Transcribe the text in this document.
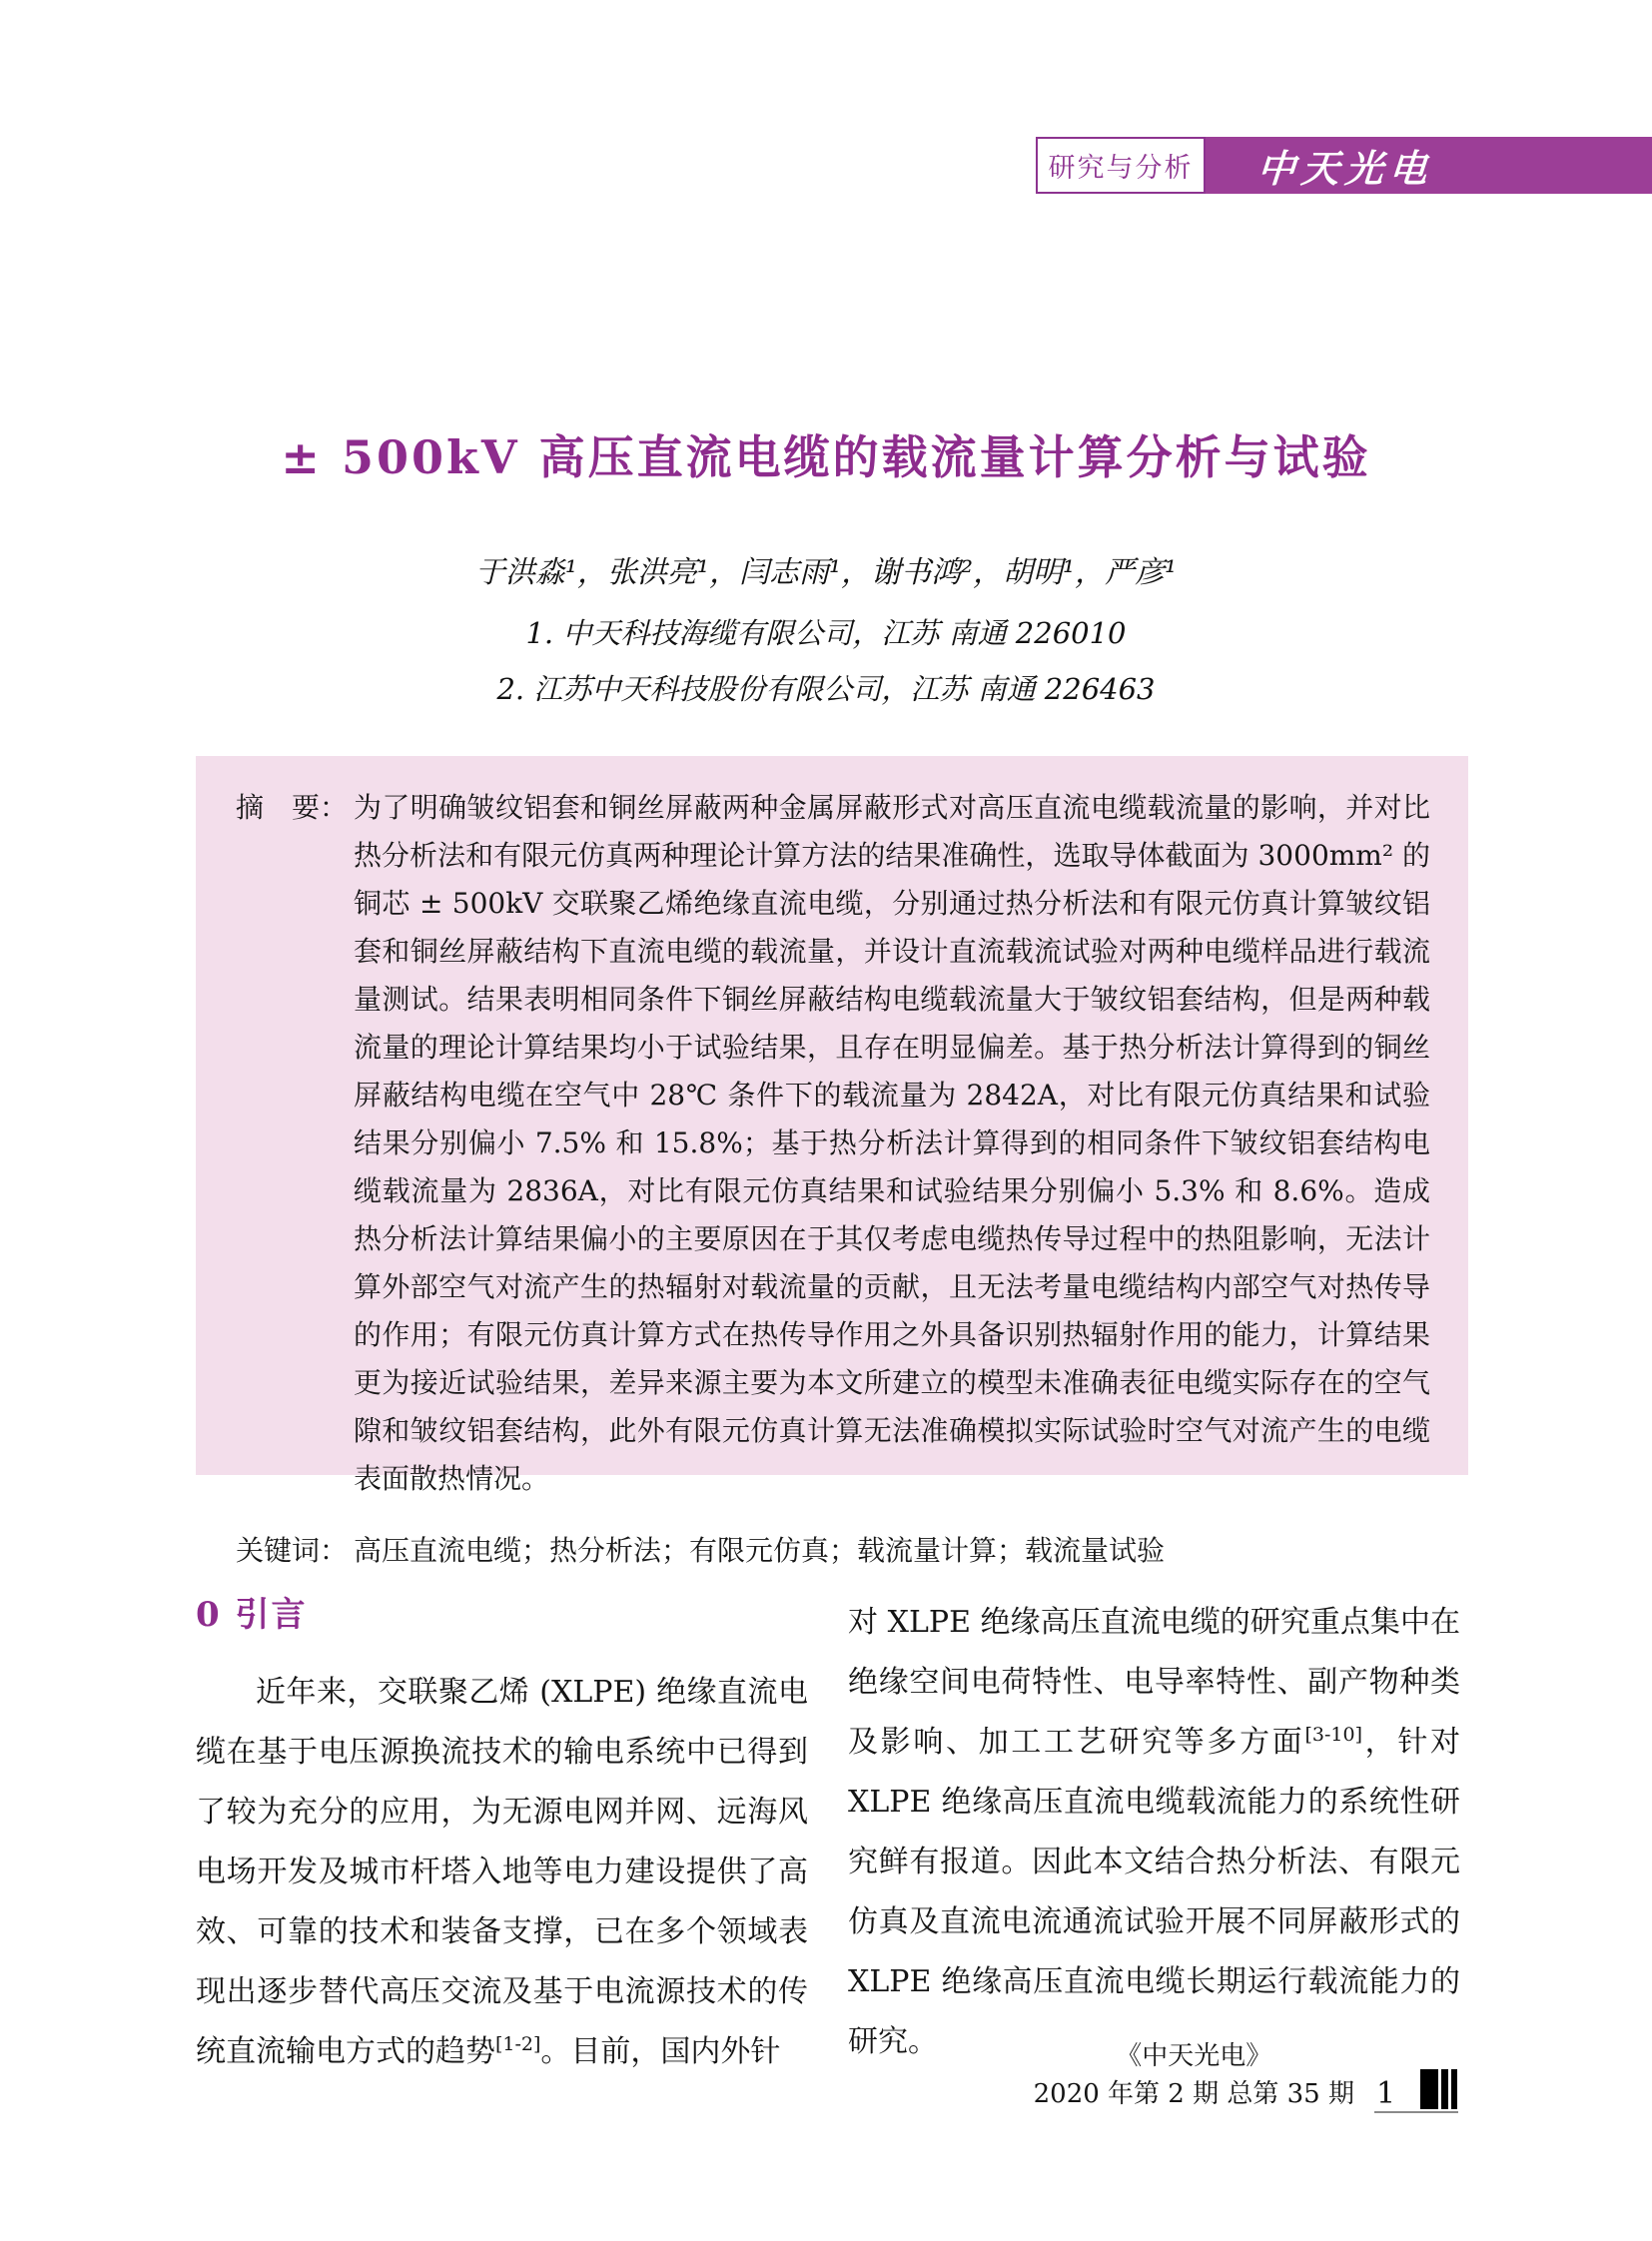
研究与分析 中天光电
± 500kV 高压直流电缆的载流量计算分析与试验
于洪淼¹，张洪亮¹，闫志雨¹，谢书鸿²，胡明¹，严彦¹
1. 中天科技海缆有限公司，江苏 南通 226010
2. 江苏中天科技股份有限公司，江苏 南通 226463
摘　要： 为了明确皱纹铝套和铜丝屏蔽两种金属屏蔽形式对高压直流电缆载流量的影响，并对比热分析法和有限元仿真两种理论计算方法的结果准确性，选取导体截面为 3000mm² 的铜芯 ± 500kV 交联聚乙烯绝缘直流电缆，分别通过热分析法和有限元仿真计算皱纹铝套和铜丝屏蔽结构下直流电缆的载流量，并设计直流载流试验对两种电缆样品进行载流量测试。结果表明相同条件下铜丝屏蔽结构电缆载流量大于皱纹铝套结构，但是两种载流量的理论计算结果均小于试验结果，且存在明显偏差。基于热分析法计算得到的铜丝屏蔽结构电缆在空气中 28℃ 条件下的载流量为 2842A，对比有限元仿真结果和试验结果分别偏小 7.5% 和 15.8%；基于热分析法计算得到的相同条件下皱纹铝套结构电缆载流量为 2836A，对比有限元仿真结果和试验结果分别偏小 5.3% 和 8.6%。造成热分析法计算结果偏小的主要原因在于其仅考虑电缆热传导过程中的热阻影响，无法计算外部空气对流产生的热辐射对载流量的贡献，且无法考量电缆结构内部空气对热传导的作用；有限元仿真计算方式在热传导作用之外具备识别热辐射作用的能力，计算结果更为接近试验结果，差异来源主要为本文所建立的模型未准确表征电缆实际存在的空气隙和皱纹铝套结构，此外有限元仿真计算无法准确模拟实际试验时空气对流产生的电缆表面散热情况。
关键词： 高压直流电缆；热分析法；有限元仿真；载流量计算；载流量试验
0 引言

近年来，交联聚乙烯 (XLPE) 绝缘直流电缆在基于电压源换流技术的输电系统中已得到了较为充分的应用，为无源电网并网、远海风电场开发及城市杆塔入地等电力建设提供了高效、可靠的技术和装备支撑，已在多个领域表现出逐步替代高压交流及基于电流源技术的传统直流输电方式的趋势[1-2]。目前，国内外针

对 XLPE 绝缘高压直流电缆的研究重点集中在绝缘空间电荷特性、电导率特性、副产物种类及影响、加工工艺研究等多方面[3-10]，针对 XLPE 绝缘高压直流电缆载流能力的系统性研究鲜有报道。因此本文结合热分析法、有限元仿真及直流电流通流试验开展不同屏蔽形式的 XLPE 绝缘高压直流电缆长期运行载流能力的研究。	《中天光电》
2020 年第 2 期 总第 35 期 1
